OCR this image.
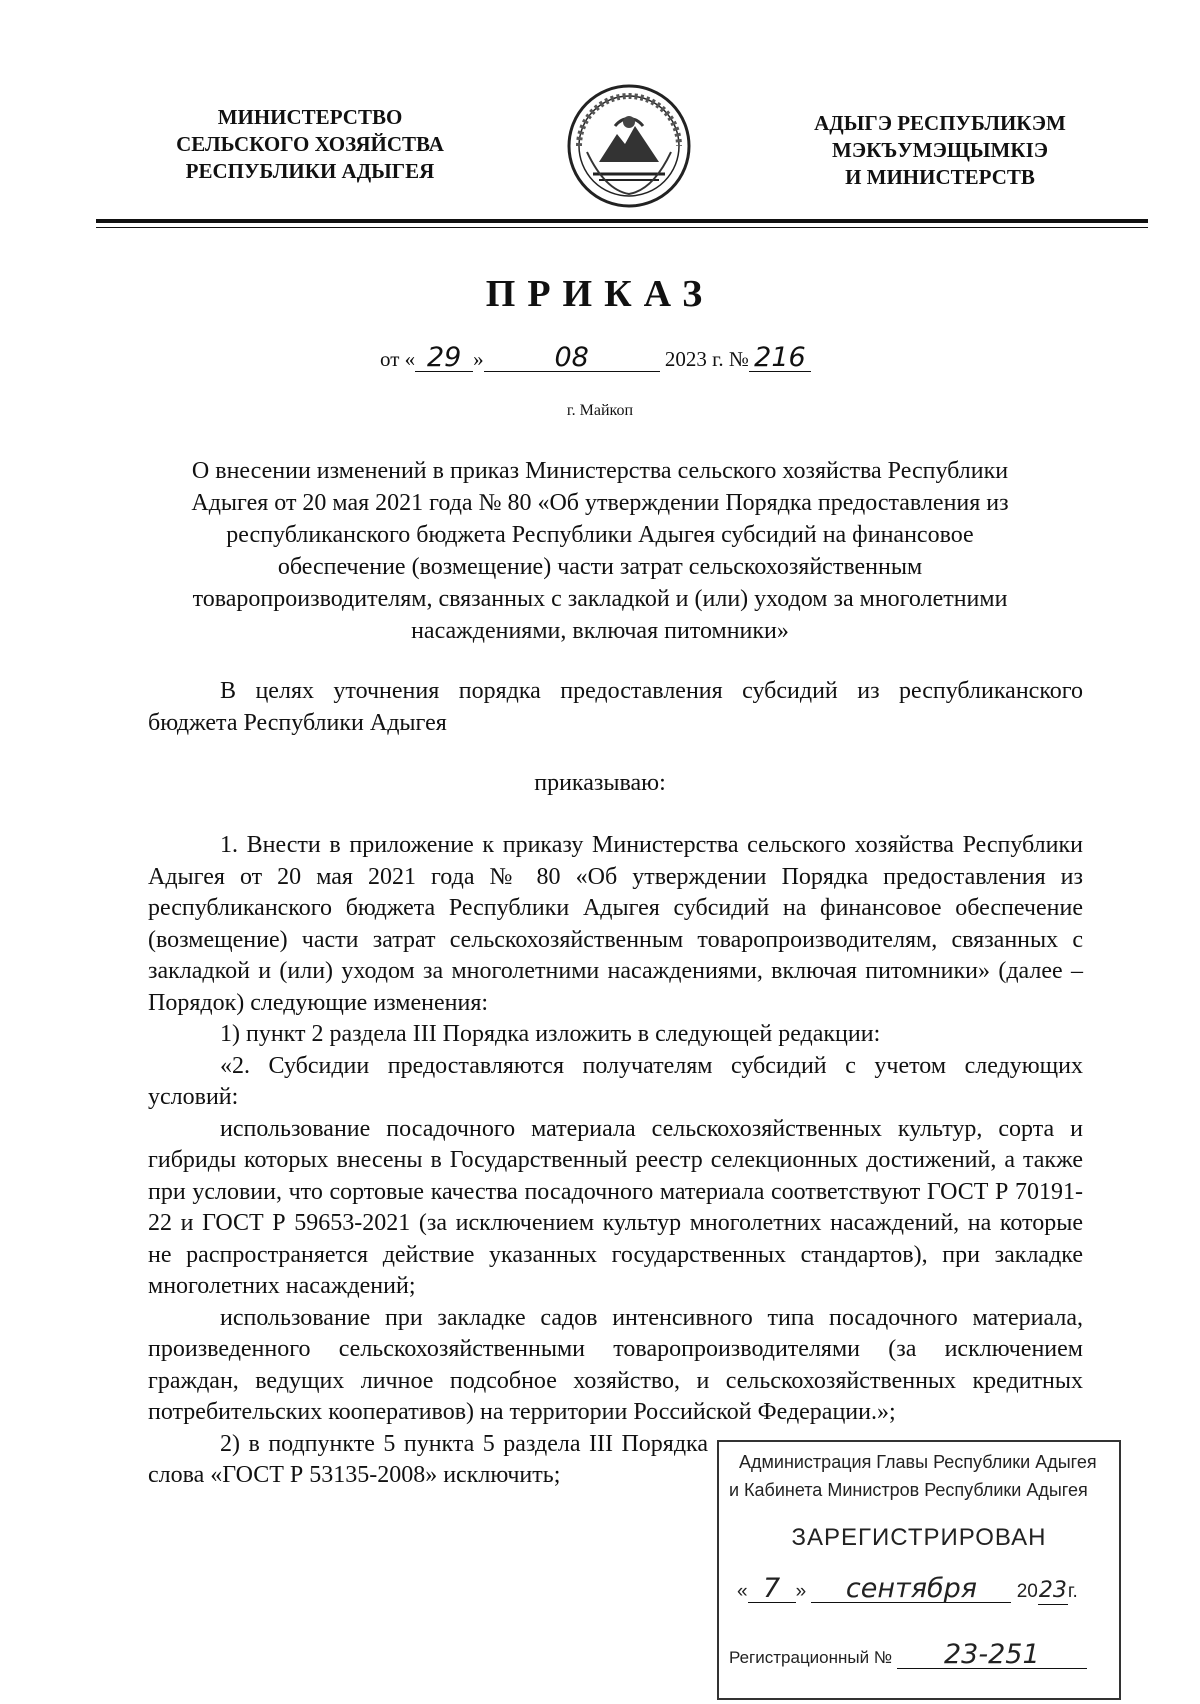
МИНИСТЕРСТВО
СЕЛЬСКОГО ХОЗЯЙСТВА
РЕСПУБЛИКИ АДЫГЕЯ
АДЫГЭ РЕСПУБЛИКЭМ
МЭКЪУМЭЩЫМКIЭ
И МИНИСТЕРСТВ
ПРИКАЗ
от « 29 »	08	2023 г. № 216
г. Майкоп
О внесении изменений в приказ Министерства сельского хозяйства Республики Адыгея от 20 мая 2021 года № 80 «Об утверждении Порядка предоставления из республиканского бюджета Республики Адыгея субсидий на финансовое обеспечение (возмещение) части затрат сельскохозяйственным товаропроизводителям, связанных с закладкой и (или) уходом за многолетними насаждениями, включая питомники»
В целях уточнения порядка предоставления субсидий из республиканского бюджета Республики Адыгея
приказываю:

1. Внести в приложение к приказу Министерства сельского хозяйства Республики Адыгея от 20 мая 2021 года № 80 «Об утверждении Порядка предоставления из республиканского бюджета Республики Адыгея субсидий на финансовое обеспечение (возмещение) части затрат сельскохозяйственным товаропроизводителям, связанных с закладкой и (или) уходом за многолетними насаждениями, включая питомники» (далее – Порядок) следующие изменения:

1) пункт 2 раздела III Порядка изложить в следующей редакции:

«2. Субсидии предоставляются получателям субсидий с учетом следующих условий:

использование посадочного материала сельскохозяйственных культур, сорта и гибриды которых внесены в Государственный реестр селекционных достижений, а также при условии, что сортовые качества посадочного материала соответствуют ГОСТ Р 70191-22 и ГОСТ Р 59653-2021 (за исключением культур многолетних насаждений, на которые не распространяется действие указанных государственных стандартов), при закладке многолетних насаждений;

использование при закладке садов интенсивного типа посадочного материала, произведенного сельскохозяйственными товаропроизводителями (за исключением граждан, ведущих личное подсобное хозяйство, и сельскохозяйственных кредитных потребительских кооперативов) на территории Российской Федерации.»;

2) в подпункте 5 пункта 5 раздела III Порядка слова «ГОСТ Р 53135-2008» исключить;	Администрация Главы Республики Адыгея
и Кабинета Министров Республики Адыгея
ЗАРЕГИСТРИРОВАН
« 7 » сентября 2023г.
Регистрационный № 23-251
